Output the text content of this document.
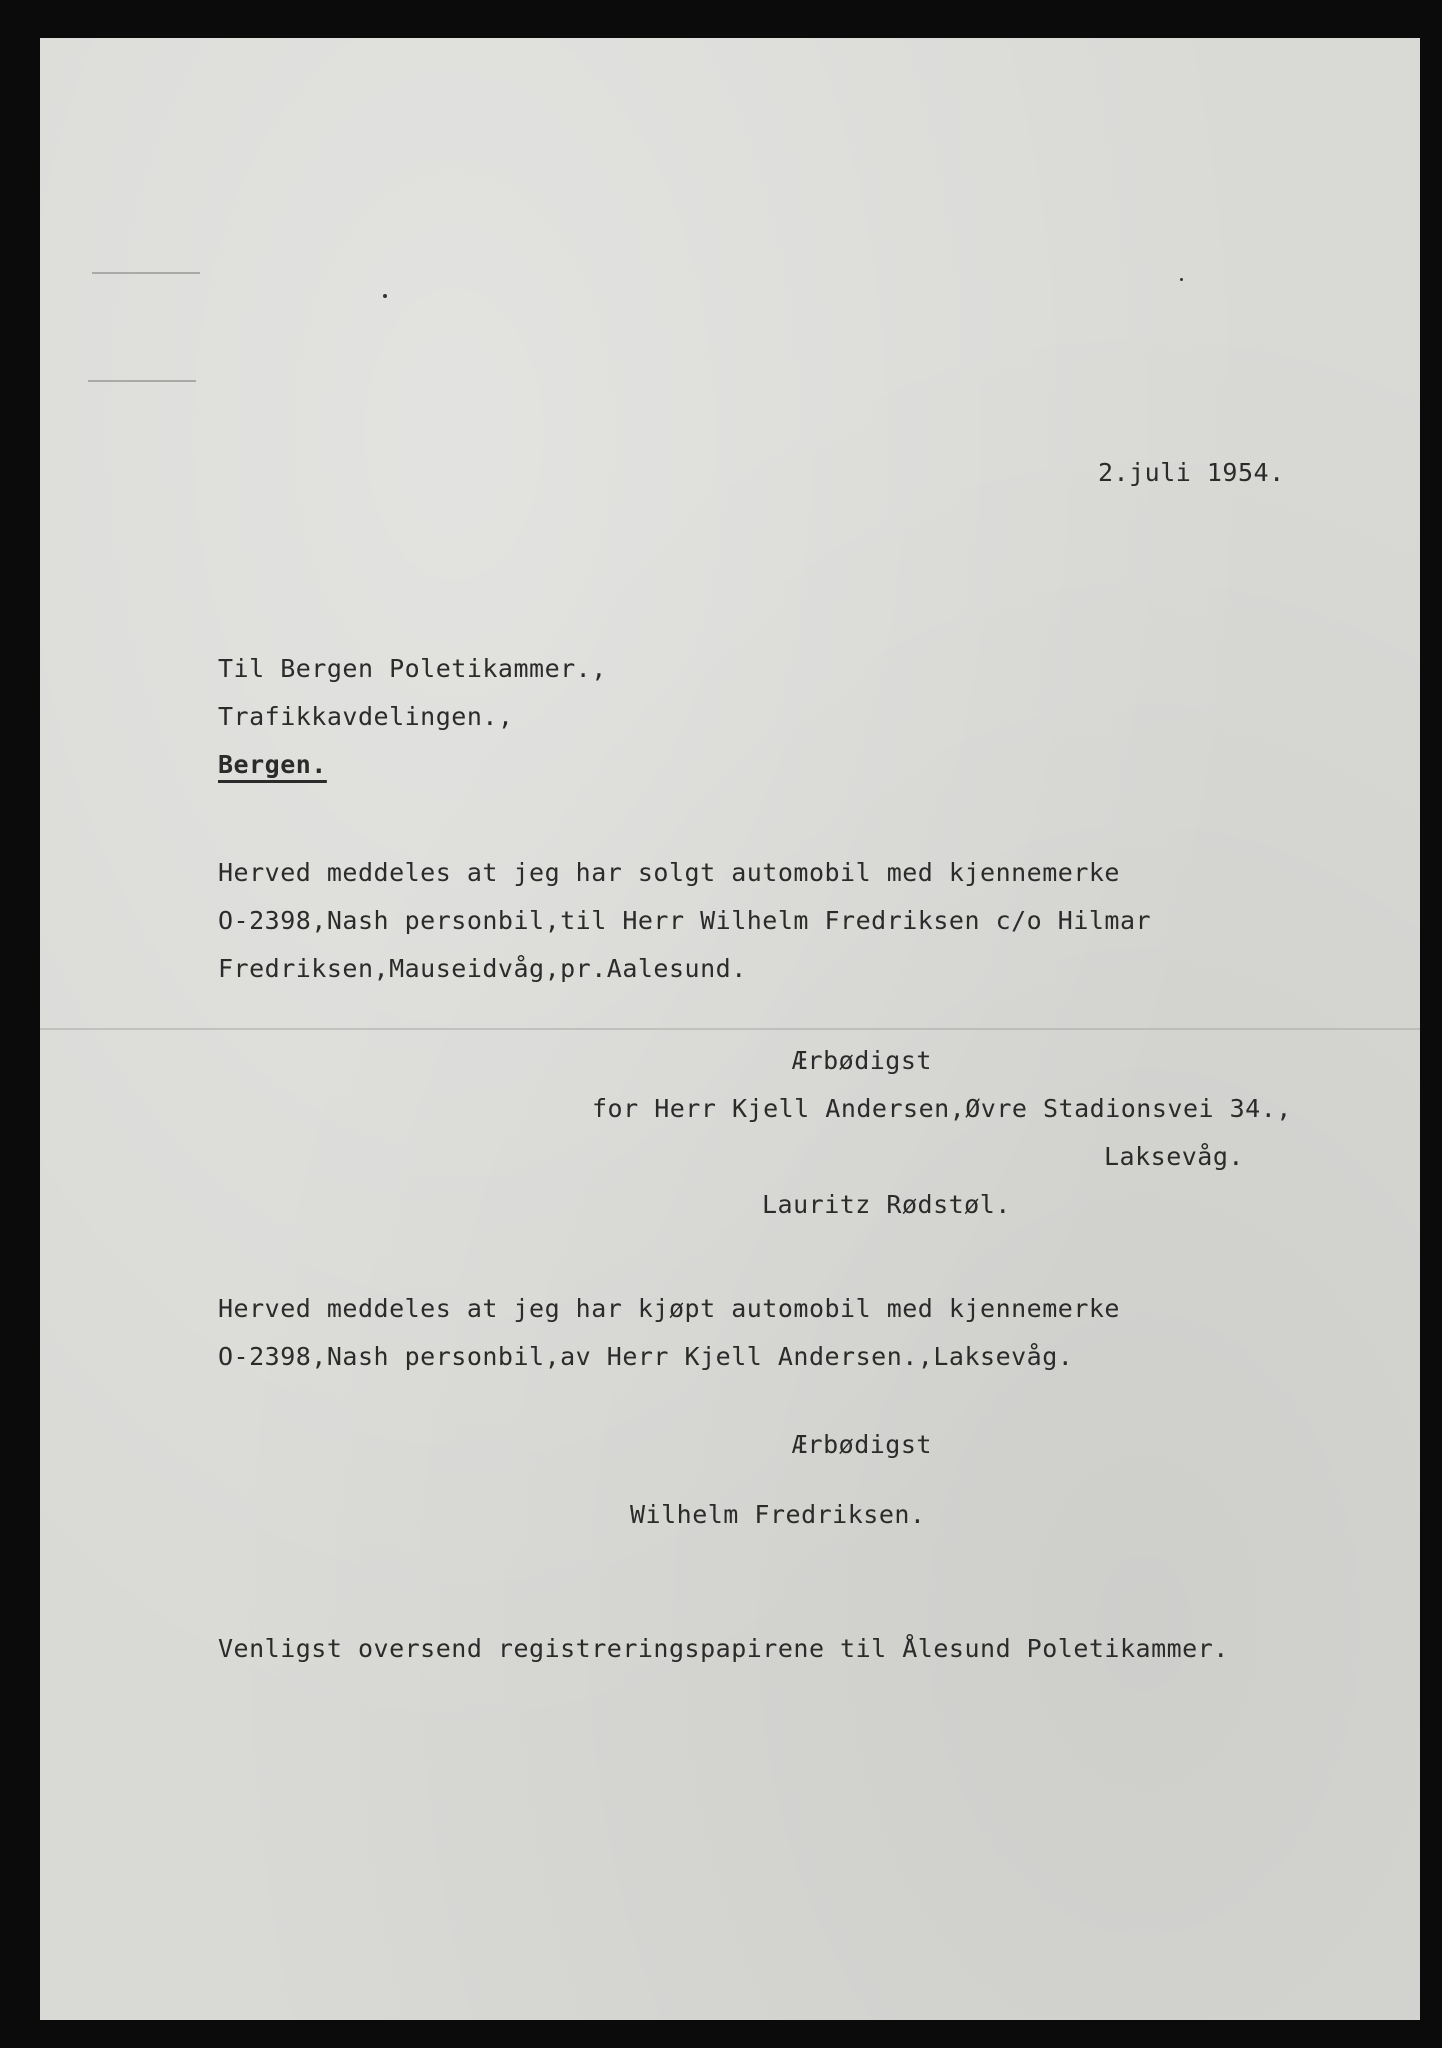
2.juli 1954.
Til Bergen Poletikammer.,
Trafikkavdelingen.,
Bergen.
Herved meddeles at jeg har solgt automobil med kjennemerke
O-2398,Nash personbil,til Herr Wilhelm Fredriksen c/o Hilmar
Fredriksen,Mauseidvåg,pr.Aalesund.
Ærbødigst
for Herr Kjell Andersen,Øvre Stadionsvei 34.,
Laksevåg.
Lauritz Rødstøl.
Herved meddeles at jeg har kjøpt automobil med kjennemerke
O-2398,Nash personbil,av Herr Kjell Andersen.,Laksevåg.
Ærbødigst
Wilhelm Fredriksen.
Venligst oversend registreringspapirene til Ålesund Poletikammer.
